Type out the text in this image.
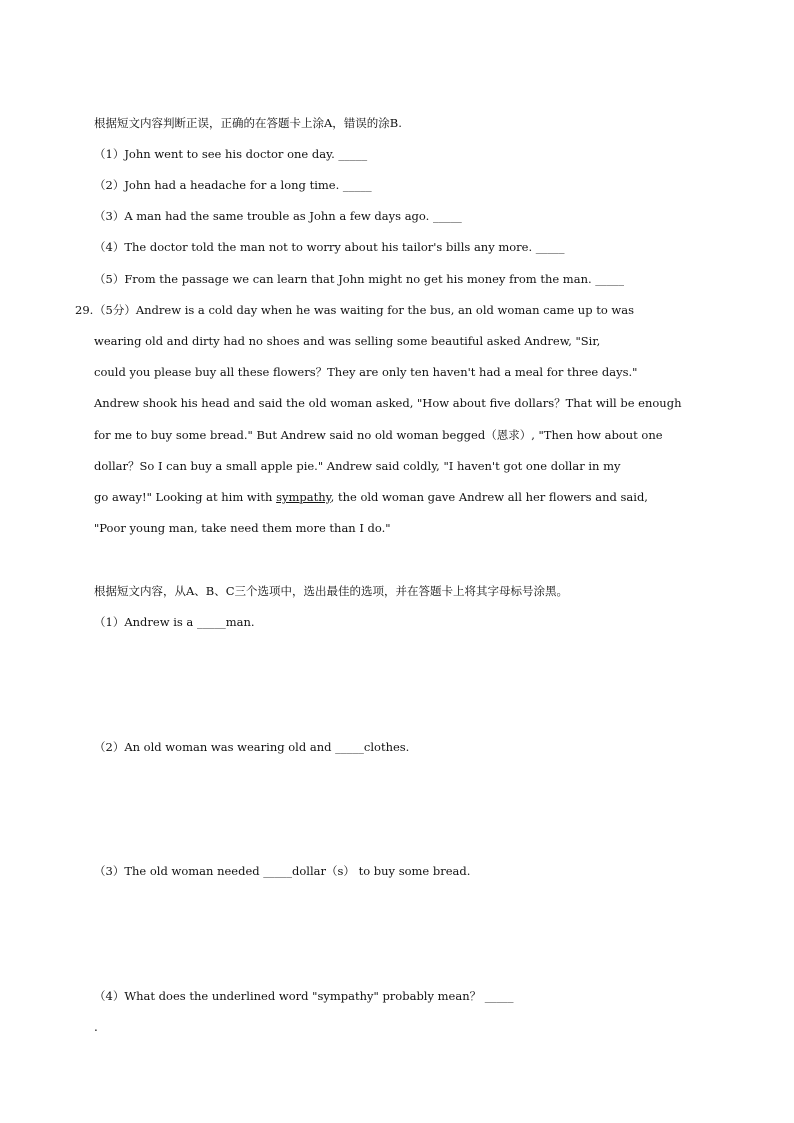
根据短文内容判断正误，正确的在答题卡上涂A，错误的涂B.
（1）John went to see his doctor one day. _____
（2）John had a headache for a long time. _____
（3）A man had the same trouble as John a few days ago. _____
（4）The doctor told the man not to worry about his tailor's bills any more. _____
（5）From the passage we can learn that John might no get his money from the man. _____
29. （5分）Andrew is a cold day when he was waiting for the bus, an old woman came up to was
wearing old and dirty had no shoes and was selling some beautiful asked Andrew, "Sir,
could you please buy all these flowers？They are only ten haven't had a meal for three days."
Andrew shook his head and said the old woman asked, "How about five dollars？That will be enough
for me to buy some bread." But Andrew said no old woman begged（恩求）, "Then how about one
dollar？So I can buy a small apple pie." Andrew said coldly, "I haven't got one dollar in my
go away!" Looking at him with sympathy, the old woman gave Andrew all her flowers and said,
"Poor young man, take need them more than I do."
根据短文内容，从A、B、C三个选项中，选出最佳的选项，并在答题卡上将其字母标号涂黑。
（1）Andrew is a _____man.
（2）An old woman was wearing old and _____clothes.
（3）The old woman needed _____dollar（s） to buy some bread.
（4）What does the underlined word "sympathy" probably mean？ _____
.
